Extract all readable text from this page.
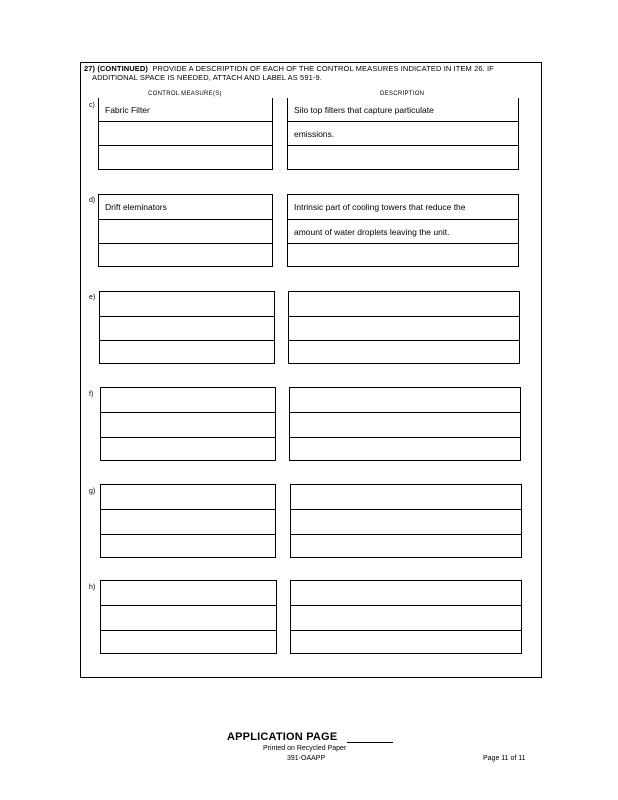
27) (CONTINUED) PROVIDE A DESCRIPTION OF EACH OF THE CONTROL MEASURES INDICATED IN ITEM 26. IF
ADDITIONAL SPACE IS NEEDED, ATTACH AND LABEL AS 591-9.
CONTROL MEASURE(S)	DESCRIPTION
c) Fabric Filter	Silo top filters that capture particulate
emissions.
d)
Drift eleminators	Intrinsic part of cooling towers that reduce the
amount of water droplets leaving the unit.
e)
f)
g)
h)
APPLICATION PAGE
Printed on Recycled Paper
391-OAAPP	Page 11 of 11
